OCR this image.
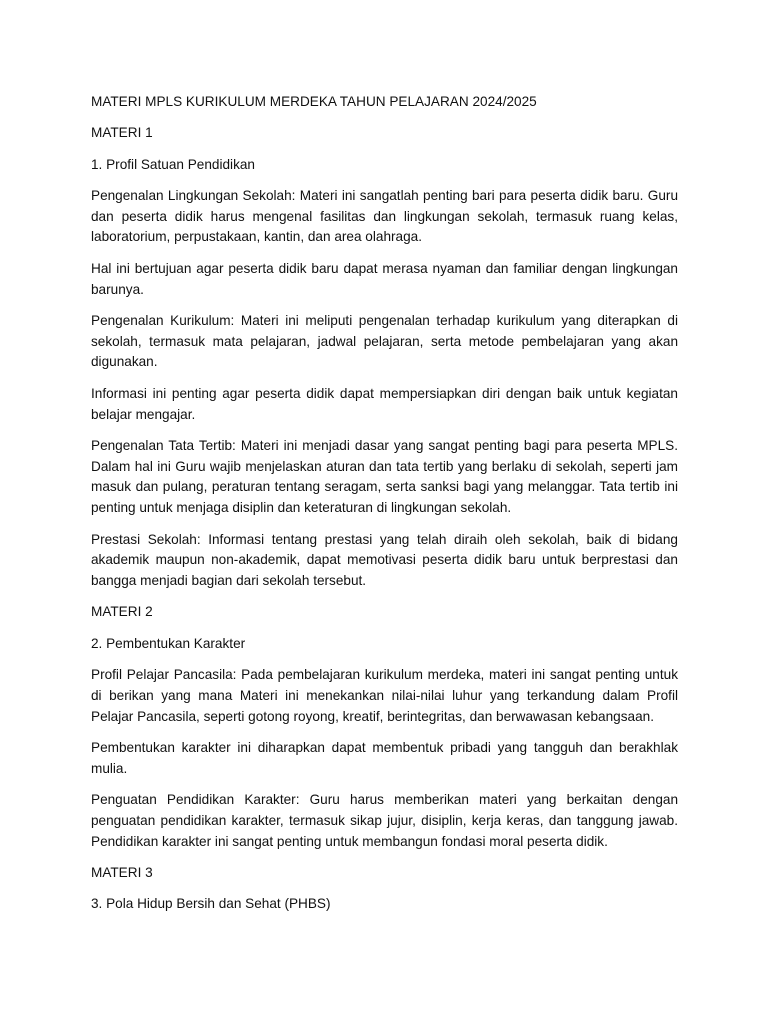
MATERI MPLS KURIKULUM MERDEKA TAHUN PELAJARAN 2024/2025

MATERI 1

1. Profil Satuan Pendidikan

Pengenalan Lingkungan Sekolah: Materi ini sangatlah penting bari para peserta didik baru. Guru dan peserta didik harus mengenal fasilitas dan lingkungan sekolah, termasuk ruang kelas, laboratorium, perpustakaan, kantin, dan area olahraga.

Hal ini bertujuan agar peserta didik baru dapat merasa nyaman dan familiar dengan lingkungan barunya.

Pengenalan Kurikulum: Materi ini meliputi pengenalan terhadap kurikulum yang diterapkan di sekolah, termasuk mata pelajaran, jadwal pelajaran, serta metode pembelajaran yang akan digunakan.

Informasi ini penting agar peserta didik dapat mempersiapkan diri dengan baik untuk kegiatan belajar mengajar.

Pengenalan Tata Tertib: Materi ini menjadi dasar yang sangat penting bagi para peserta MPLS. Dalam hal ini Guru wajib menjelaskan aturan dan tata tertib yang berlaku di sekolah, seperti jam masuk dan pulang, peraturan tentang seragam, serta sanksi bagi yang melanggar. Tata tertib ini penting untuk menjaga disiplin dan keteraturan di lingkungan sekolah.

Prestasi Sekolah: Informasi tentang prestasi yang telah diraih oleh sekolah, baik di bidang akademik maupun non-akademik, dapat memotivasi peserta didik baru untuk berprestasi dan bangga menjadi bagian dari sekolah tersebut.

MATERI 2

2. Pembentukan Karakter

Profil Pelajar Pancasila: Pada pembelajaran kurikulum merdeka, materi ini sangat penting untuk di berikan yang mana Materi ini menekankan nilai-nilai luhur yang terkandung dalam Profil Pelajar Pancasila, seperti gotong royong, kreatif, berintegritas, dan berwawasan kebangsaan.

Pembentukan karakter ini diharapkan dapat membentuk pribadi yang tangguh dan berakhlak mulia.

Penguatan Pendidikan Karakter: Guru harus memberikan materi yang berkaitan dengan penguatan pendidikan karakter, termasuk sikap jujur, disiplin, kerja keras, dan tanggung jawab. Pendidikan karakter ini sangat penting untuk membangun fondasi moral peserta didik.

MATERI 3

3. Pola Hidup Bersih dan Sehat (PHBS)
